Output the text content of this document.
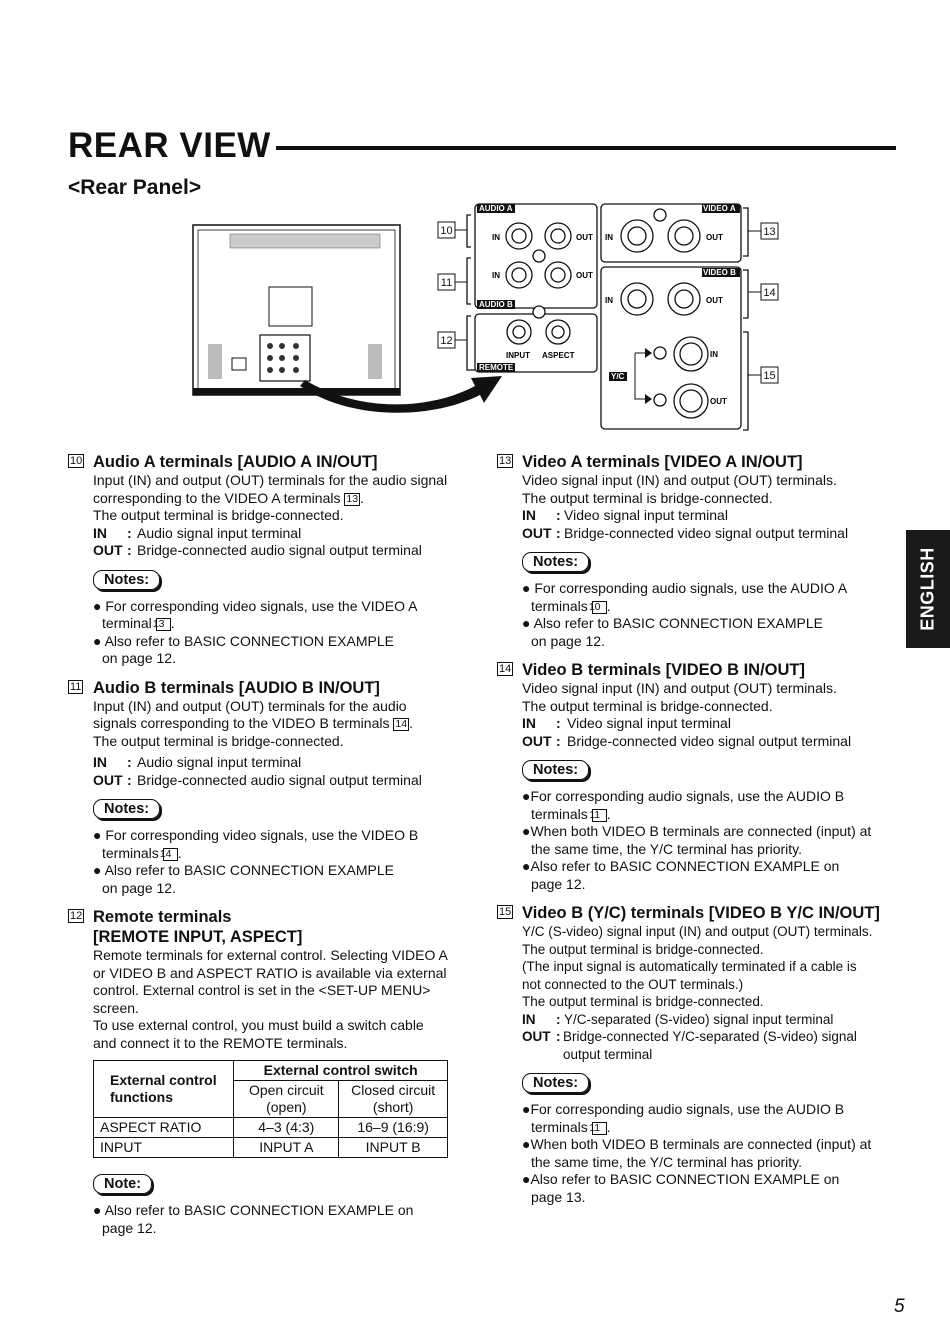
REAR VIEW
<Rear Panel>
ENGLISH
AUDIO A
AUDIO B
REMOTE
IN	OUT
IN	OUT
INPUT ASPECT
VIDEO A
VIDEO B
Y/C
IN	OUT
IN	OUT
IN
OUT
10
11
12
13
14
15

10 Audio A terminals [AUDIO A IN/OUT]

Input (IN) and output (OUT) terminals for the audio signal

corresponding to the VIDEO A terminals 13 .

The output terminal is bridge-connected.

IN	: Audio signal input terminal

OUT : Bridge-connected audio signal output terminal

Notes:

● For corresponding video signals, use the VIDEO A
terminal 13 .

● Also refer to BASIC CONNECTION EXAMPLE
on page 12.

11 Audio B terminals [AUDIO B IN/OUT]

Input (IN) and output (OUT) terminals for the audio

signals corresponding to the VIDEO B terminals 14 .

The output terminal is bridge-connected.

IN	: Audio signal input terminal

OUT : Bridge-connected audio signal output terminal

Notes:

● For corresponding video signals, use the VIDEO B
terminals 14 .

● Also refer to BASIC CONNECTION EXAMPLE
on page 12.

12 Remote terminals
[REMOTE INPUT, ASPECT]

Remote terminals for external control. Selecting VIDEO A

or VIDEO B and ASPECT RATIO is available via external

control. External control is set in the <SET-UP MENU>

screen.

To use external control, you must build a switch cable

and connect it to the REMOTE terminals.

External control functions	External control switch	
	Open circuit (open)	Closed circuit (short)
ASPECT RATIO	4–3 (4:3)	16–9 (16:9)
INPUT	INPUT A	INPUT B
Note:

● Also refer to BASIC CONNECTION EXAMPLE on
page 12.

13 Video A terminals [VIDEO A IN/OUT]

Video signal input (IN) and output (OUT) terminals.

The output terminal is bridge-connected.

IN	: Video signal input terminal

OUT : Bridge-connected video signal output terminal

Notes:

● For corresponding audio signals, use the AUDIO A
terminals 10 .

● Also refer to BASIC CONNECTION EXAMPLE
on page 12.

14 Video B terminals [VIDEO B IN/OUT]

Video signal input (IN) and output (OUT) terminals.

The output terminal is bridge-connected.

IN	: Video signal input terminal

OUT : Bridge-connected video signal output terminal

Notes:

●For corresponding audio signals, use the AUDIO B
terminals 11 .

●When both VIDEO B terminals are connected (input) at
the same time, the Y/C terminal has priority.

●Also refer to BASIC CONNECTION EXAMPLE on
page 12.

15 Video B (Y/C) terminals [VIDEO B Y/C IN/OUT]

Y/C (S-video) signal input (IN) and output (OUT) terminals.

The output terminal is bridge-connected.

(The input signal is automatically terminated if a cable is

not connected to the OUT terminals.)

The output terminal is bridge-connected.

IN	: Y/C-separated (S-video) signal input terminal

OUT : Bridge-connected Y/C-separated (S-video) signal
output terminal

Notes:

●For corresponding audio signals, use the AUDIO B
terminals 11 .

●When both VIDEO B terminals are connected (input) at
the same time, the Y/C terminal has priority.

●Also refer to BASIC CONNECTION EXAMPLE on
page 13.

5
